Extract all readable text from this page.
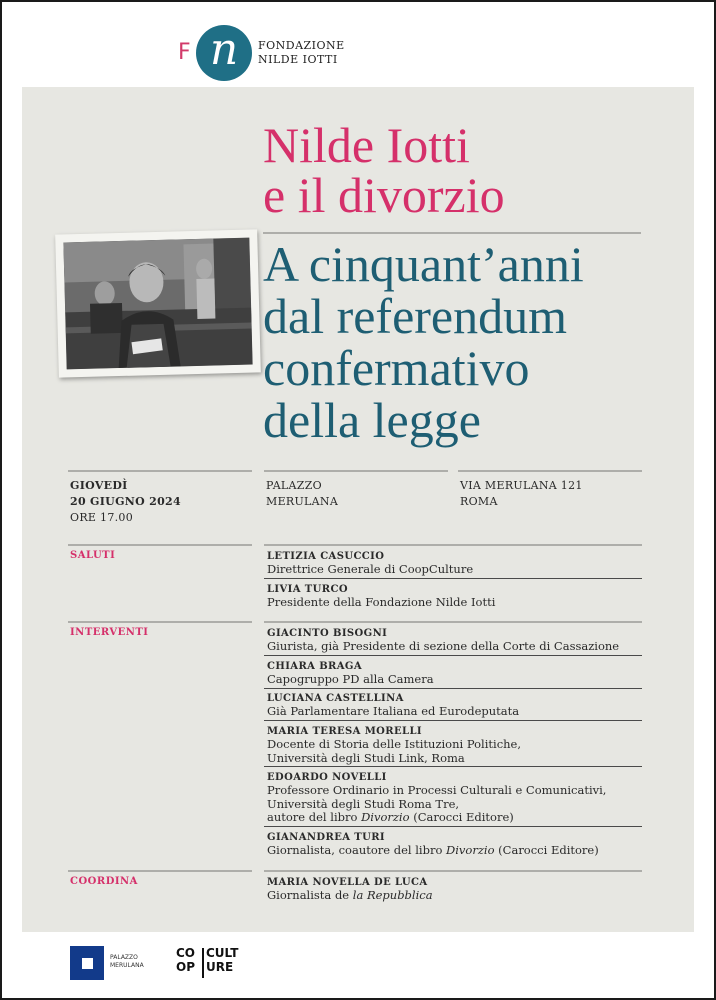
F n FONDAZIONE
NILDE IOTTI
Nilde Iotti
e il divorzio
A cinquant’anni
dal referendum
confermativo
della legge
GIOVEDÌ
20 GIUGNO 2024
ORE 17.00
PALAZZO
MERULANA
VIA MERULANA 121
ROMA
SALUTI	LETIZIA CASUCCIO
Direttrice Generale di CoopCulture
LIVIA TURCO
Presidente della Fondazione Nilde Iotti
INTERVENTI	GIACINTO BISOGNI
Giurista, già Presidente di sezione della Corte di Cassazione
CHIARA BRAGA
Capogruppo PD alla Camera
LUCIANA CASTELLINA
Già Parlamentare Italiana ed Eurodeputata
MARIA TERESA MORELLI
Docente di Storia delle Istituzioni Politiche,
Università degli Studi Link, Roma
EDOARDO NOVELLI
Professore Ordinario in Processi Culturali e Comunicativi,
Università degli Studi Roma Tre,
autore del libro Divorzio (Carocci Editore)
GIANANDREA TURI
Giornalista, coautore del libro Divorzio (Carocci Editore)
COORDINA	MARIA NOVELLA DE LUCA
Giornalista de la Repubblica
PALAZZO
MERULANA
CO
OP
CULT
URE
